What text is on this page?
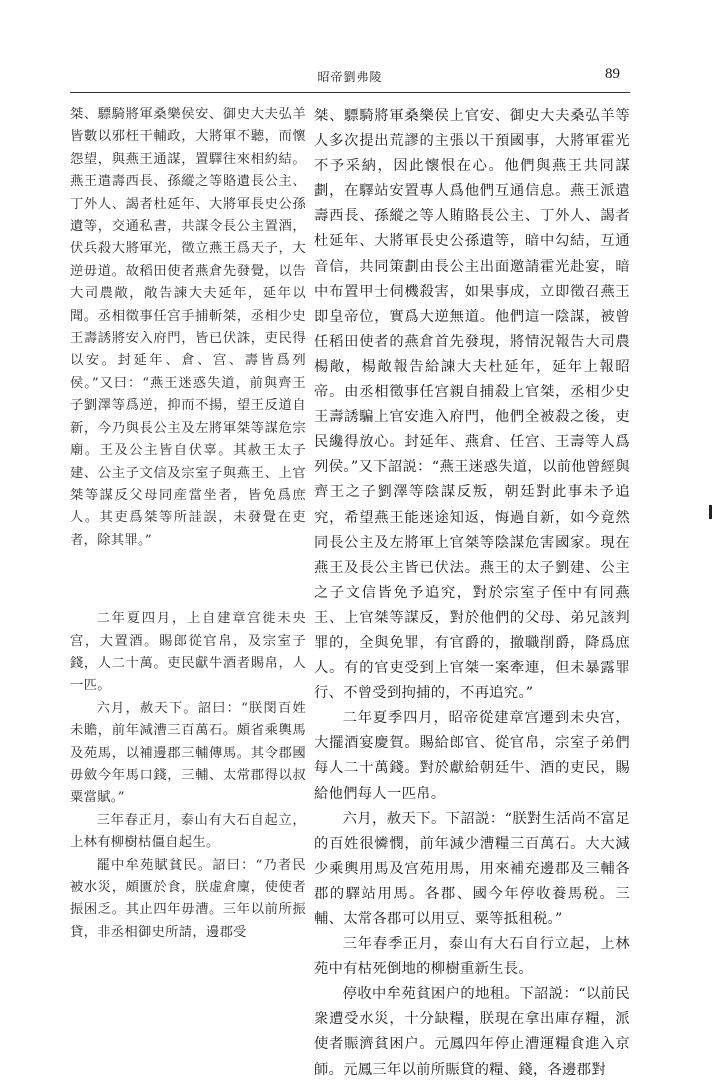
昭帝劉弗陵	89

桀、驃騎將軍桑樂侯安、御史大夫弘羊皆數以邪枉干輔政，大將軍不聽，而懷怨望，與燕王通謀，置驛往來相約結。燕王遣壽西長、孫縱之等賂遺長公主、丁外人、謁者杜延年、大將軍長史公孫遺等，交通私書，共謀令長公主置酒，伏兵殺大將軍光，徵立燕王爲天子，大逆毋道。故稻田使者燕倉先發覺，以告大司農敞，敞告諫大夫延年，延年以聞。丞相徵事任宫手捕斬桀，丞相少史王壽誘將安入府門，皆已伏誅，吏民得以安。封延年、倉、宫、壽皆爲列侯。”又曰：“燕王迷惑失道，前與齊王子劉澤等爲逆，抑而不揚，望王反道自新，今乃與長公主及左將軍桀等謀危宗廟。王及公主皆自伏辜。其赦王太子建、公主子文信及宗室子與燕王、上官桀等謀反父母同産當坐者，皆免爲庶人。其吏爲桀等所詿誤，未發覺在吏者，除其罪。”

二年夏四月，上自建章宫徙未央宫，大置酒。賜郎從官帛，及宗室子錢，人二十萬。吏民獻牛酒者賜帛，人一匹。

六月，赦天下。詔曰：“朕閔百姓未贍，前年減漕三百萬石。頗省乘輿馬及苑馬，以補邊郡三輔傳馬。其令郡國毋斂今年馬口錢，三輔、太常郡得以叔粟當賦。”

三年春正月，泰山有大石自起立，上林有柳樹枯僵自起生。

罷中牟苑賦貧民。詔曰：“乃者民被水災，頗匱於食，朕虚倉廩，使使者振困乏。其止四年毋漕。三年以前所振貸，非丞相御史所請，邊郡受

桀、驃騎將軍桑樂侯上官安、御史大夫桑弘羊等人多次提出荒謬的主張以干預國事，大將軍霍光不予采納，因此懷恨在心。他們與燕王共同謀劃，在驛站安置專人爲他們互通信息。燕王派遣壽西長、孫縱之等人賄賂長公主、丁外人、謁者杜延年、大將軍長史公孫遺等，暗中勾結，互通音信，共同策劃由長公主出面邀請霍光赴宴，暗中布置甲士伺機殺害，如果事成，立即徵召燕王即皇帝位，實爲大逆無道。他們這一陰謀，被曾任稻田使者的燕倉首先發現，將情況報告大司農楊敞，楊敞報告給諫大夫杜延年，延年上報昭帝。由丞相徵事任宫親自捕殺上官桀，丞相少史王壽誘騙上官安進入府門，他們全被殺之後，吏民纔得放心。封延年、燕倉、任宫、王壽等人爲列侯。”又下詔説：“燕王迷惑失道，以前他曾經與齊王之子劉澤等陰謀反叛，朝廷對此事未予追究，希望燕王能迷途知返，悔過自新，如今竟然同長公主及左將軍上官桀等陰謀危害國家。現在燕王及長公主皆已伏法。燕王的太子劉建、公主之子文信皆免予追究，對於宗室子侄中有同燕王、上官桀等謀反，對於他們的父母、弟兄該判罪的，全與免罪，有官爵的，撤職削爵，降爲庶人。有的官吏受到上官桀一案牽連，但未暴露罪行、不曾受到拘捕的，不再追究。”

二年夏季四月，昭帝從建章宫遷到未央宫，大擺酒宴慶賀。賜給郎官、從官帛，宗室子弟們每人二十萬錢。對於獻給朝廷牛、酒的吏民，賜給他們每人一匹帛。

六月，赦天下。下詔説：“朕對生活尚不富足的百姓很憐憫，前年減少漕糧三百萬石。大大減少乘輿用馬及宫苑用馬，用來補充邊郡及三輔各郡的驛站用馬。各郡、國今年停收養馬税。三輔、太常各郡可以用豆、粟等抵租税。”

三年春季正月，泰山有大石自行立起，上林苑中有枯死倒地的柳樹重新生長。

停收中牟苑貧困户的地租。下詔説：“以前民衆遭受水災，十分缺糧，朕現在拿出庫存糧，派使者賑濟貧困户。元鳳四年停止漕運糧食進入京師。元鳳三年以前所賑貸的糧、錢，各邊郡對
